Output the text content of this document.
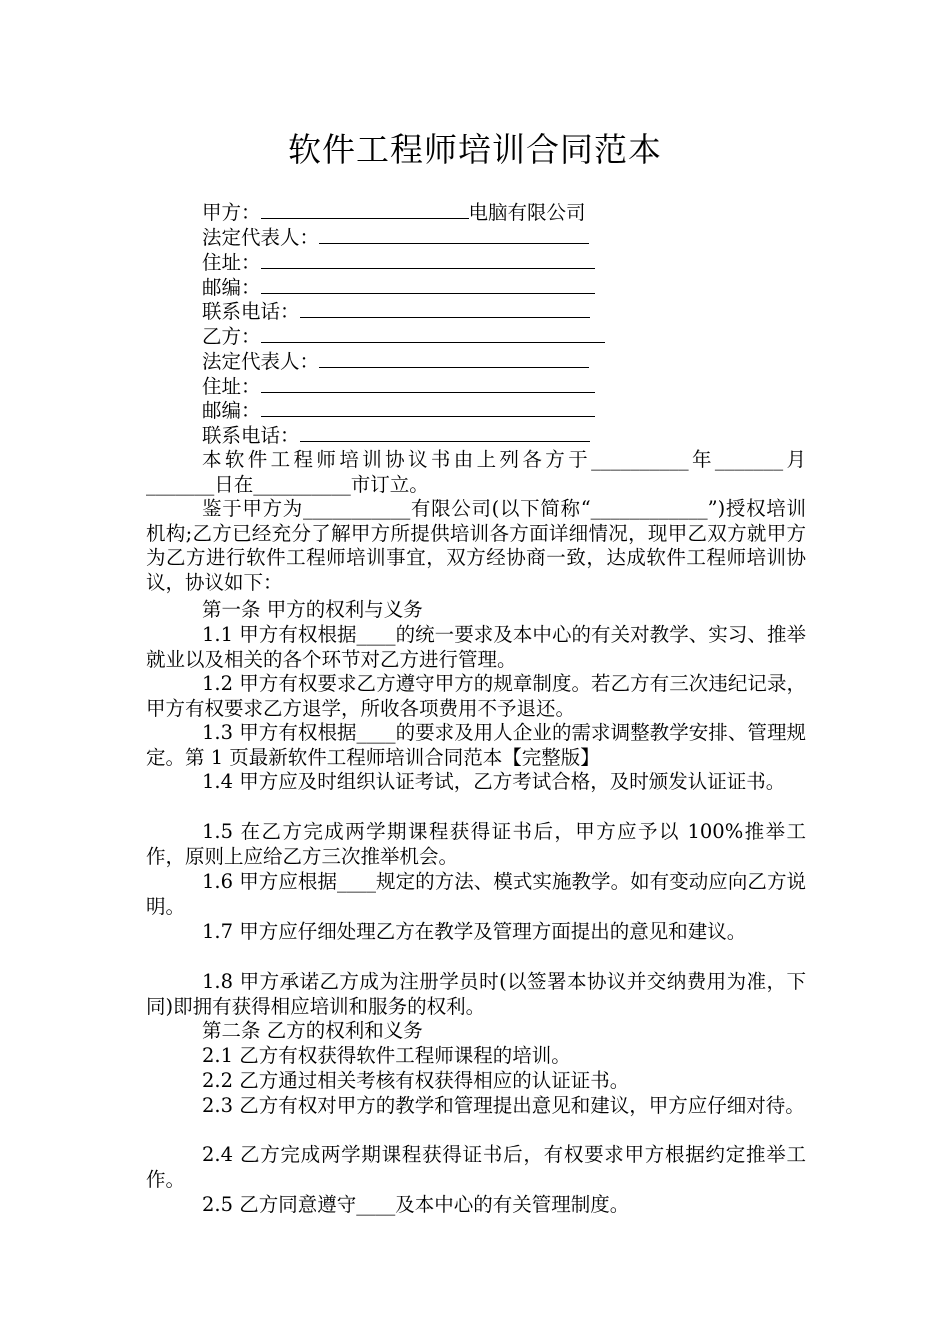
软件工程师培训合同范本
甲方：	电脑有限公司
法定代表人：
住址：
邮编：
联系电话：
乙方：
法定代表人：
住址：
邮编：
联系电话：
本软件工程师培训协议书由上列各方于__________年_______月_______日在__________市订立。
鉴于甲方为___________有限公司(以下简称“____________”)授权培训机构;乙方已经充分了解甲方所提供培训各方面详细情况，现甲乙双方就甲方为乙方进行软件工程师培训事宜，双方经协商一致，达成软件工程师培训协议，协议如下：
第一条 甲方的权利与义务
1.1 甲方有权根据____的统一要求及本中心的有关对教学、实习、推举就业以及相关的各个环节对乙方进行管理。
1.2 甲方有权要求乙方遵守甲方的规章制度。若乙方有三次违纪记录，甲方有权要求乙方退学，所收各项费用不予退还。
1.3 甲方有权根据____的要求及用人企业的需求调整教学安排、管理规定。第 1 页最新软件工程师培训合同范本【完整版】
1.4 甲方应及时组织认证考试，乙方考试合格，及时颁发认证证书。
1.5 在乙方完成两学期课程获得证书后，甲方应予以 100%推举工作，原则上应给乙方三次推举机会。
1.6 甲方应根据____规定的方法、模式实施教学。如有变动应向乙方说明。
1.7 甲方应仔细处理乙方在教学及管理方面提出的意见和建议。
1.8 甲方承诺乙方成为注册学员时(以签署本协议并交纳费用为准，下同)即拥有获得相应培训和服务的权利。
第二条 乙方的权利和义务
2.1 乙方有权获得软件工程师课程的培训。
2.2 乙方通过相关考核有权获得相应的认证证书。
2.3 乙方有权对甲方的教学和管理提出意见和建议，甲方应仔细对待。
2.4 乙方完成两学期课程获得证书后，有权要求甲方根据约定推举工作。
2.5 乙方同意遵守____及本中心的有关管理制度。
